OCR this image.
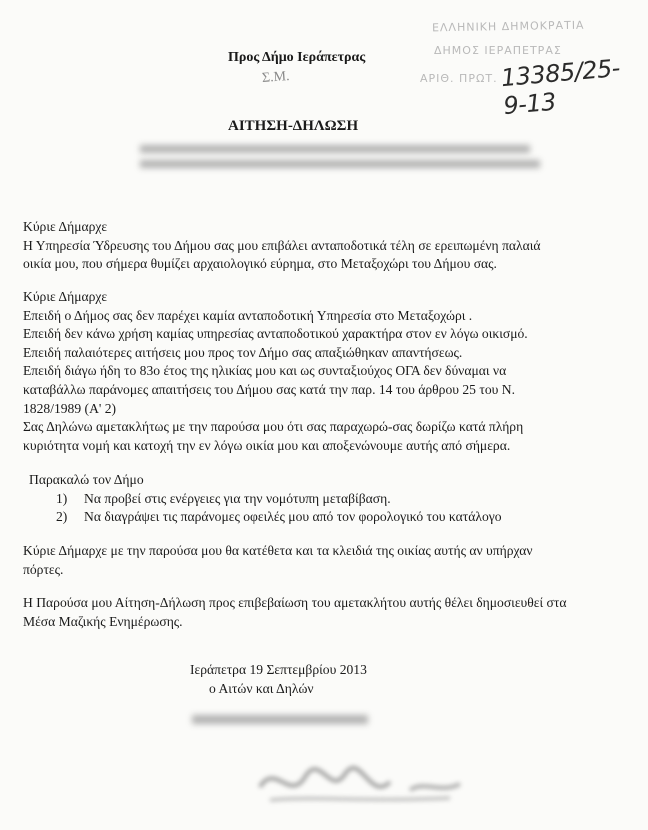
Προς Δήμο Ιεράπετρας
Σ.Μ.
ΕΛΛΗΝΙΚΗ ΔΗΜΟΚΡΑΤΙΑ
ΔΗΜΟΣ ΙΕΡΑΠΕΤΡΑΣ
ΑΡΙΘ. ΠΡΩΤ. 13385/25-9-13
ΑΙΤΗΣΗ-ΔΗΛΩΣΗ
Κύριε Δήμαρχε
Η Υπηρεσία Ύδρευσης του Δήμου σας μου επιβάλει ανταποδοτικά τέλη σε ερειπωμένη παλαιά
οικία μου, που σήμερα θυμίζει αρχαιολογικό εύρημα, στο Μεταξοχώρι του Δήμου σας.
Κύριε Δήμαρχε
Επειδή ο Δήμος σας δεν παρέχει καμία ανταποδοτική Υπηρεσία στο Μεταξοχώρι .
Επειδή δεν κάνω χρήση καμίας υπηρεσίας ανταποδοτικού χαρακτήρα στον εν λόγω οικισμό.
Επειδή παλαιότερες αιτήσεις μου προς τον Δήμο σας απαξιώθηκαν απαντήσεως.
Επειδή διάγω ήδη το 83ο έτος της ηλικίας μου και ως συνταξιούχος ΟΓΑ δεν δύναμαι να
καταβάλλω παράνομες απαιτήσεις του Δήμου σας κατά την παρ. 14 του άρθρου 25 του Ν.
1828/1989 (Α' 2)
Σας Δηλώνω αμετακλήτως με την παρούσα μου ότι σας παραχωρώ-σας δωρίζω κατά πλήρη
κυριότητα νομή και κατοχή την εν λόγω οικία μου και αποξενώνουμε αυτής από σήμερα.
Παρακαλώ τον Δήμο
1) Να προβεί στις ενέργειες για την νομότυπη μεταβίβαση.
2) Να διαγράψει τις παράνομες οφειλές μου από τον φορολογικό του κατάλογο
Κύριε Δήμαρχε με την παρούσα μου θα κατέθετα και τα κλειδιά της οικίας αυτής αν υπήρχαν
πόρτες.
Η Παρούσα μου Αίτηση-Δήλωση προς επιβεβαίωση του αμετακλήτου αυτής θέλει δημοσιευθεί στα
Μέσα Μαζικής Ενημέρωσης.
Ιεράπετρα 19 Σεπτεμβρίου 2013
ο Αιτών και Δηλών
